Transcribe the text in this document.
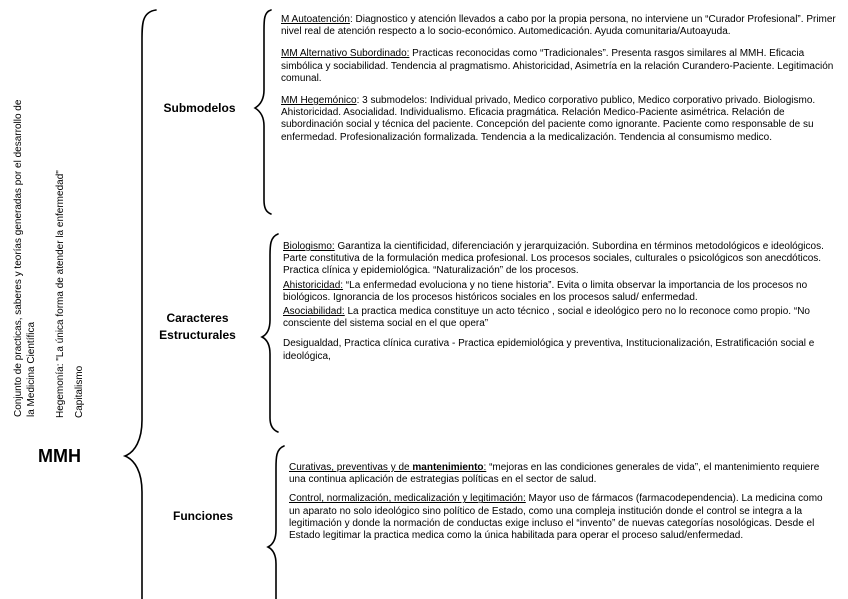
Conjunto de practicas, saberes y teorías generadas por el desarrollo de la Medicina Científica	Hegemonía: "La única forma de atender la enfermedad" Capitalismo
MMH
Submodelos
Caracteres
Estructurales
Funciones

M Autoatención: Diagnostico y atención llevados a cabo por la propia persona, no interviene un “Curador Profesional”. Primer nivel real de atención respecto a lo socio-económico. Automedicación. Ayuda comunitaria/Autoayuda.

MM Alternativo Subordinado: Practicas reconocidas como “Tradicionales”. Presenta rasgos similares al MMH. Eficacia simbólica y sociabilidad. Tendencia al pragmatismo. Ahistoricidad, Asimetría en la relación Curandero-Paciente. Legitimación comunal.

MM Hegemónico: 3 submodelos: Individual privado, Medico corporativo publico, Medico corporativo privado. Biologismo. Ahistoricidad. Asocialidad. Individualismo. Eficacia pragmática. Relación Medico-Paciente asimétrica. Relación de subordinación social y técnica del paciente. Concepción del paciente como ignorante. Paciente como responsable de su enfermedad. Profesionalización formalizada. Tendencia a la medicalización. Tendencia al consumismo medico.

Biologismo: Garantiza la cientificidad, diferenciación y jerarquización. Subordina en términos metodológicos e ideológicos. Parte constitutiva de la formulación medica profesional. Los procesos sociales, culturales o psicológicos son anecdóticos. Practica clínica y epidemiológica. “Naturalización” de los procesos.

Ahistoricidad: “La enfermedad evoluciona y no tiene historia”. Evita o limita observar la importancia de los procesos no biológicos. Ignorancia de los procesos históricos sociales en los procesos salud/ enfermedad.

Asociabilidad: La practica medica constituye un acto técnico , social e ideológico pero no lo reconoce como propio. “No consciente del sistema social en el que opera”

Desigualdad, Practica clínica curativa - Practica epidemiológica y preventiva, Institucionalización, Estratificación social e ideológica,

Curativas, preventivas y de mantenimiento: “mejoras en las condiciones generales de vida”, el mantenimiento requiere una continua aplicación de estrategias políticas en el sector de salud.

Control, normalización, medicalización y legitimación: Mayor uso de fármacos (farmacodependencia). La medicina como un aparato no solo ideológico sino político de Estado, como una compleja institución donde el control se integra a la legitimación y donde la normación de conductas exige incluso el “invento” de nuevas categorías nosológicas. Desde el Estado legitimar la practica medica como la única habilitada para operar el proceso salud/enfermedad.
